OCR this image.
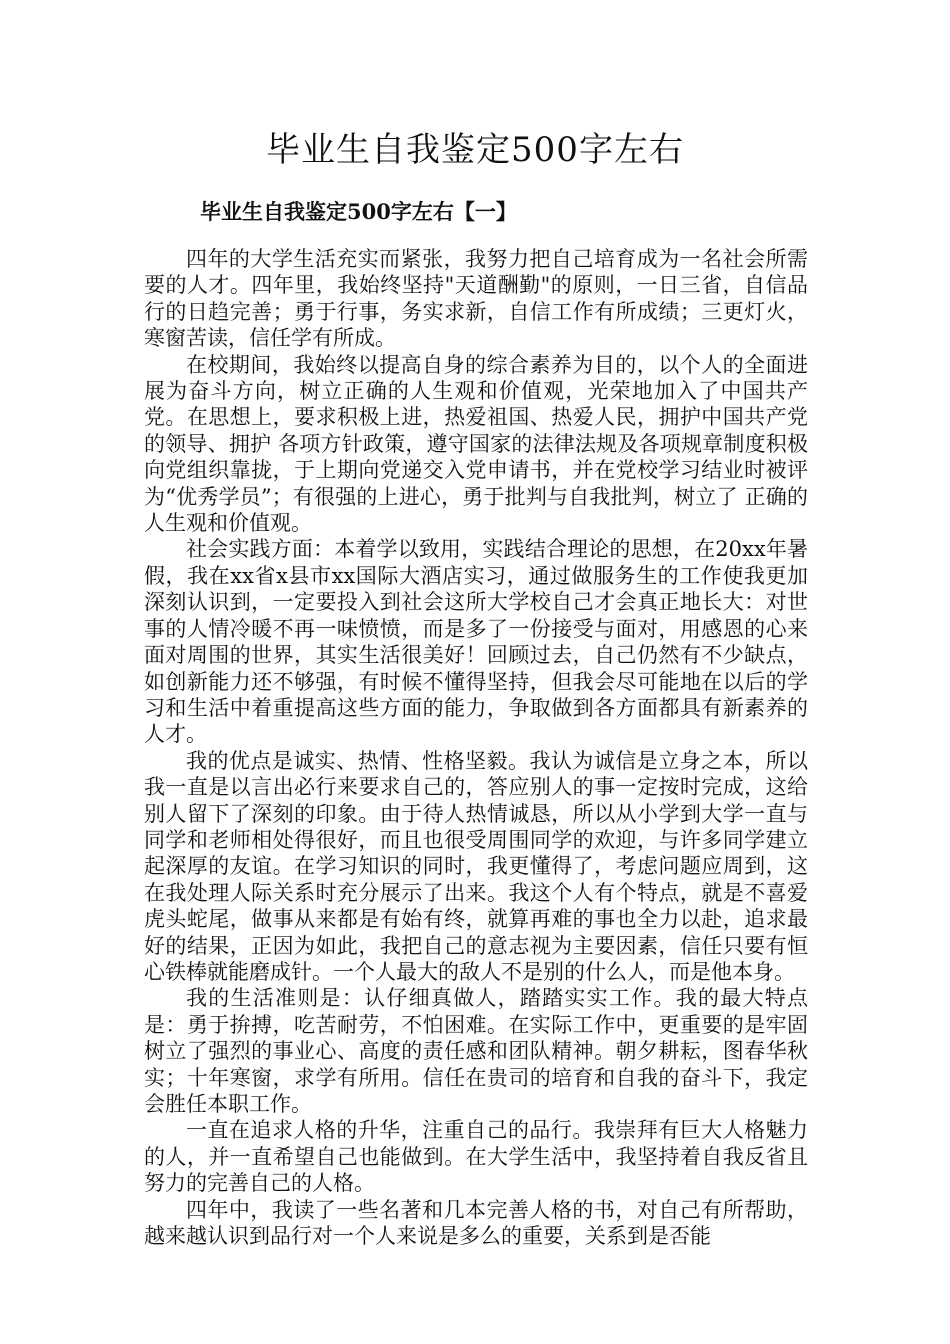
毕业生自我鉴定500字左右
毕业生自我鉴定500字左右【一】

四年的大学生活充实而紧张，我努力把自己培育成为一名社会所需要的人才。四年里，我始终坚持"天道酬勤"的原则，一日三省，自信品行的日趋完善；勇于行事，务实求新，自信工作有所成绩；三更灯火，寒窗苦读，信任学有所成。

在校期间，我始终以提高自身的综合素养为目的，以个人的全面进展为奋斗方向，树立正确的人生观和价值观，光荣地加入了中国共产党。在思想上，要求积极上进，热爱祖国、热爱人民，拥护中国共产党的领导、拥护 各项方针政策，遵守国家的法律法规及各项规章制度积极向党组织靠拢，于上期向党递交入党申请书，并在党校学习结业时被评为“优秀学员”；有很强的上进心，勇于批判与自我批判，树立了 正确的人生观和价值观。

社会实践方面：本着学以致用，实践结合理论的思想，在20xx年暑假，我在xx省x县市xx国际大酒店实习，通过做服务生的工作使我更加深刻认识到，一定要投入到社会这所大学校自己才会真正地长大：对世事的人情冷暖不再一味愤愤，而是多了一份接受与面对，用感恩的心来面对周围的世界，其实生活很美好！回顾过去，自己仍然有不少缺点，如创新能力还不够强，有时候不懂得坚持，但我会尽可能地在以后的学习和生活中着重提高这些方面的能力，争取做到各方面都具有新素养的人才。

我的优点是诚实、热情、性格坚毅。我认为诚信是立身之本，所以我一直是以言出必行来要求自己的，答应别人的事一定按时完成，这给别人留下了深刻的印象。由于待人热情诚恳，所以从小学到大学一直与同学和老师相处得很好，而且也很受周围同学的欢迎，与许多同学建立起深厚的友谊。在学习知识的同时，我更懂得了，考虑问题应周到，这在我处理人际关系时充分展示了出来。我这个人有个特点，就是不喜爱虎头蛇尾，做事从来都是有始有终，就算再难的事也全力以赴，追求最好的结果，正因为如此，我把自己的意志视为主要因素，信任只要有恒心铁棒就能磨成针。一个人最大的敌人不是别的什么人，而是他本身。

我的生活准则是：认仔细真做人，踏踏实实工作。我的最大特点是：勇于拚搏，吃苦耐劳，不怕困难。在实际工作中，更重要的是牢固树立了强烈的事业心、高度的责任感和团队精神。朝夕耕耘，图春华秋实；十年寒窗，求学有所用。信任在贵司的培育和自我的奋斗下，我定会胜任本职工作。

一直在追求人格的升华，注重自己的品行。我崇拜有巨大人格魅力的人，并一直希望自己也能做到。在大学生活中，我坚持着自我反省且努力的完善自己的人格。

四年中，我读了一些名著和几本完善人格的书，对自己有所帮助，越来越认识到品行对一个人来说是多么的重要，关系到是否能
